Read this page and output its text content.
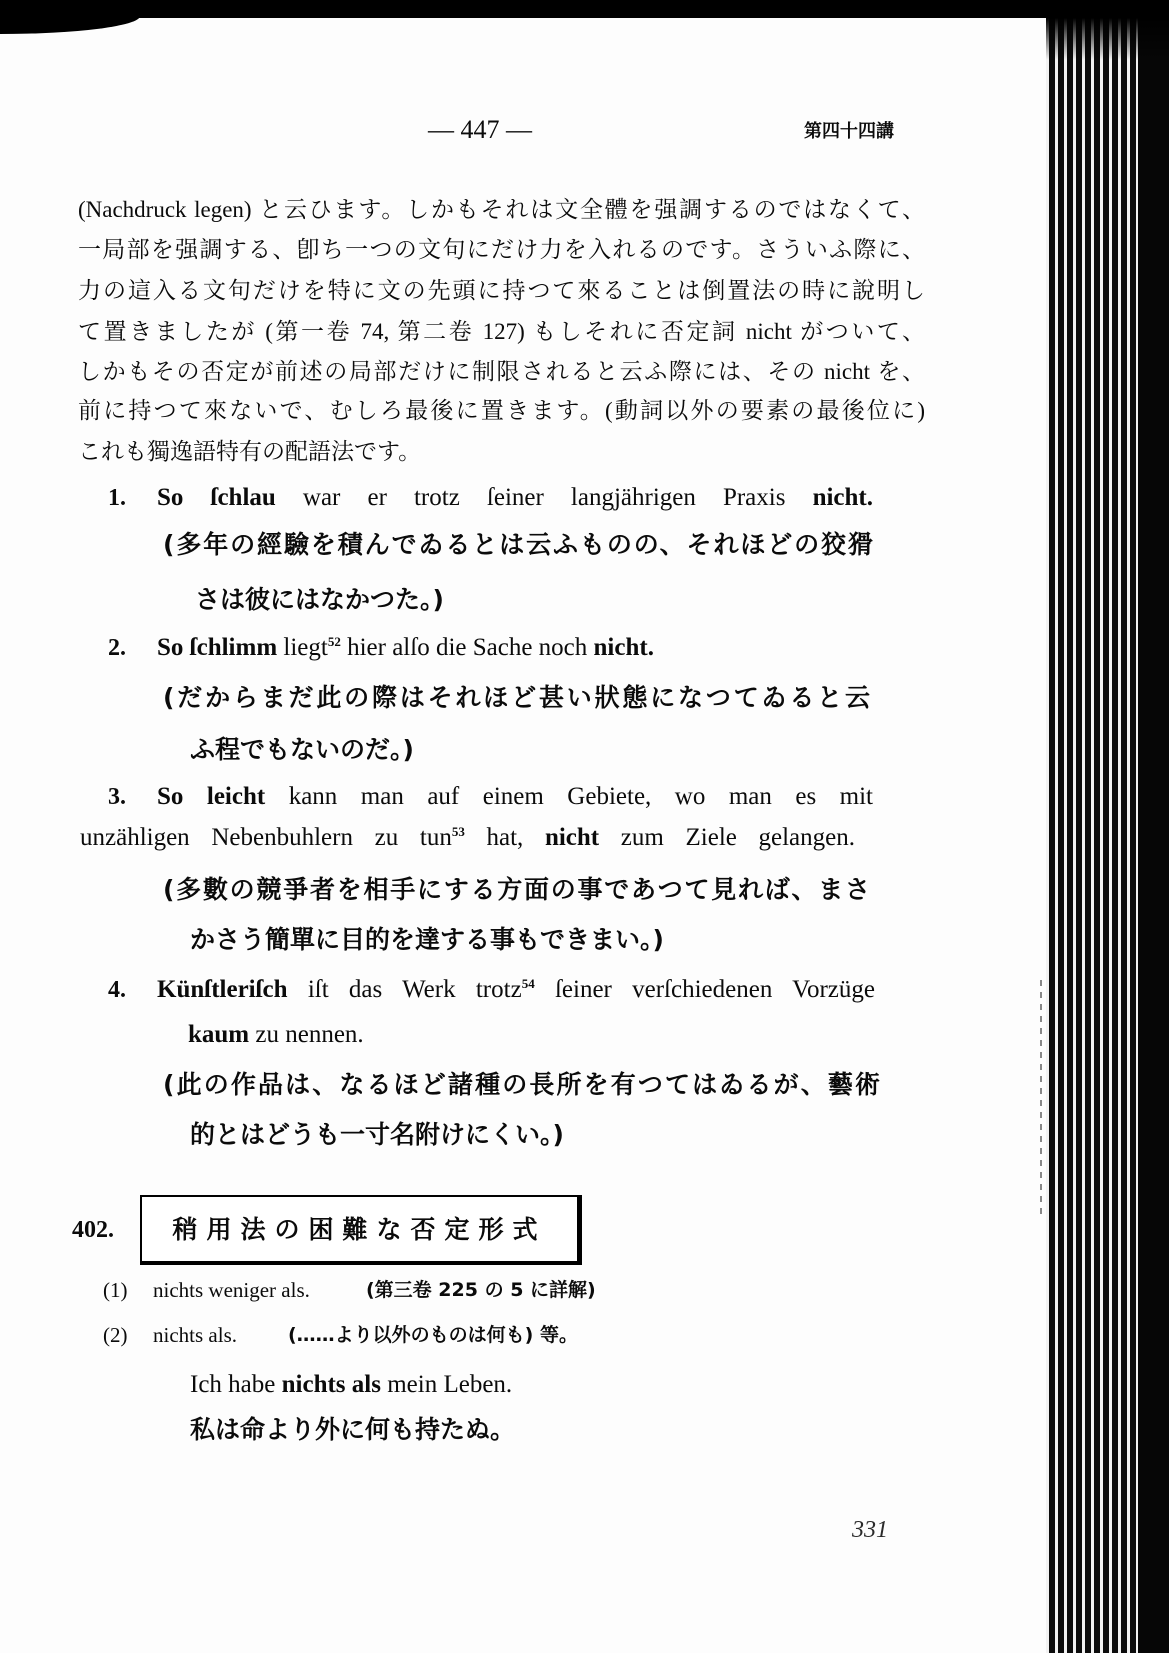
— 447 —	第四十四講
(Nachdruck legen) と云ひます。しかもそれは文全體を强調するのではなくて、
一局部を强調する、卽ち一つの文句にだけ力を入れるのです。さういふ際に、
力の這入る文句だけを特に文の先頭に持つて來ることは倒置法の時に說明し
て置きましたが (第一卷 74, 第二卷 127) もしそれに否定詞 nicht がついて、
しかもその否定が前述の局部だけに制限されると云ふ際には、その nicht を、
前に持つて來ないで、むしろ最後に置きます。(動詞以外の要素の最後位に)
これも獨逸語特有の配語法です。
1. So ſchlau war er trotz ſeiner langjährigen Praxis nicht.
(多年の經驗を積んでゐるとは云ふものの、それほどの狡猾
さは彼にはなかつた。)
2. So ſchlimm liegt$^{52}$ hier alſo die Sache noch nicht.
(だからまだ此の際はそれほど甚い狀態になつてゐると云
ふ程でもないのだ。)
3. So leicht kann man auf einem Gebiete, wo man es mit
unzähligen Nebenbuhlern zu tun$^{53}$ hat, nicht zum Ziele gelangen.
(多數の競爭者を相手にする方面の事であつて見れば、まさ
かさう簡單に目的を達する事もできまい。)
4. Künſtleriſch iſt das Werk trotz$^{54}$ ſeiner verſchiedenen Vorzüge
kaum zu nennen.
(此の作品は、なるほど諸種の長所を有つてはゐるが、藝術
的とはどうも一寸名附けにくい。)
402.	稍用法の困難な否定形式
(1) nichts weniger als.	(第三卷 225 の 5 に詳解)
(2) nichts als.	(……より以外のものは何も) 等。
Ich habe nichts als mein Leben.
私は命より外に何も持たぬ。
331
